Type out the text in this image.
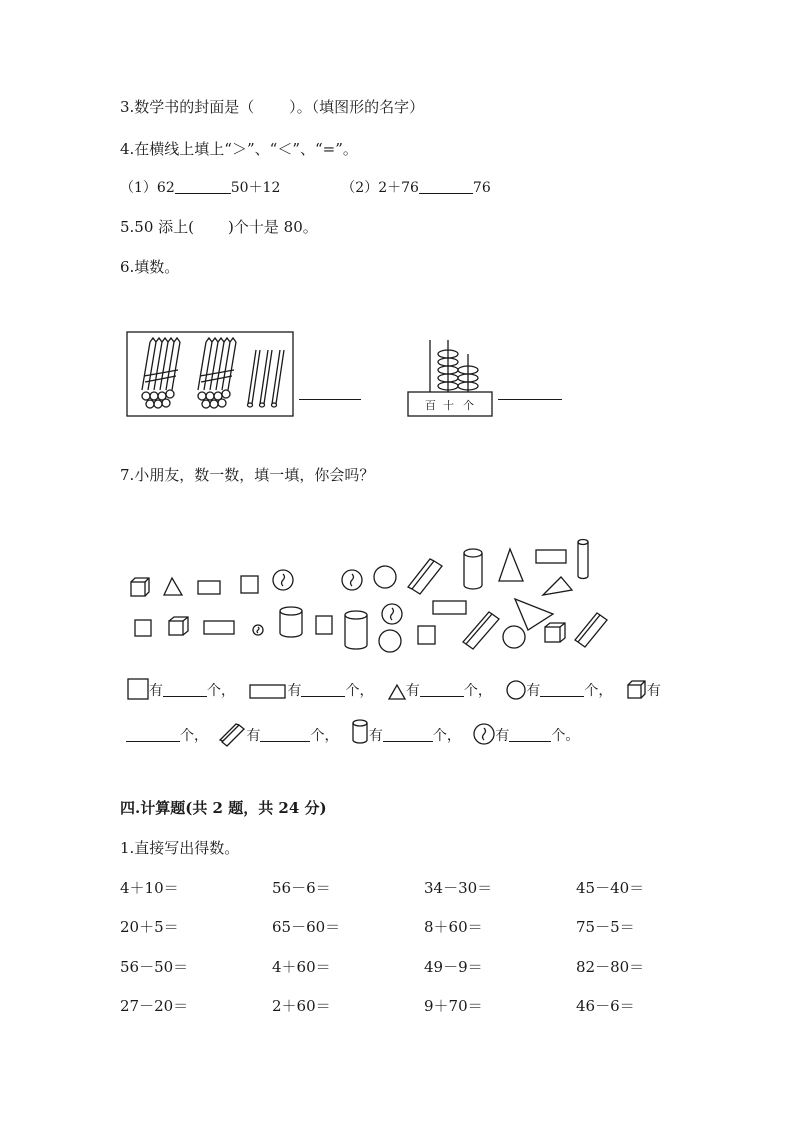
3.数学书的封面是（ 　　）。（填图形的名字）
4.在横线上填上“＞”、“＜”、“=”。
（1）62	50＋12	（2）2＋76	76
5.50 添上( )个十是 80。
6.填数。
百 十 个
7.小朋友，数一数，填一填，你会吗？
有	个，	有	个， 有	个， 有	个， 有
个，	有	个， 有	个， 有	个。
四.计算题(共 2 题，共 24 分)
1.直接写出得数。
4＋10＝	56－6＝	34－30＝	45－40＝
20＋5＝	65－60＝	8＋60＝	75－5＝
56－50＝	4＋60＝	49－9＝	82－80＝
27－20＝	2＋60＝	9＋70＝	46－6＝
